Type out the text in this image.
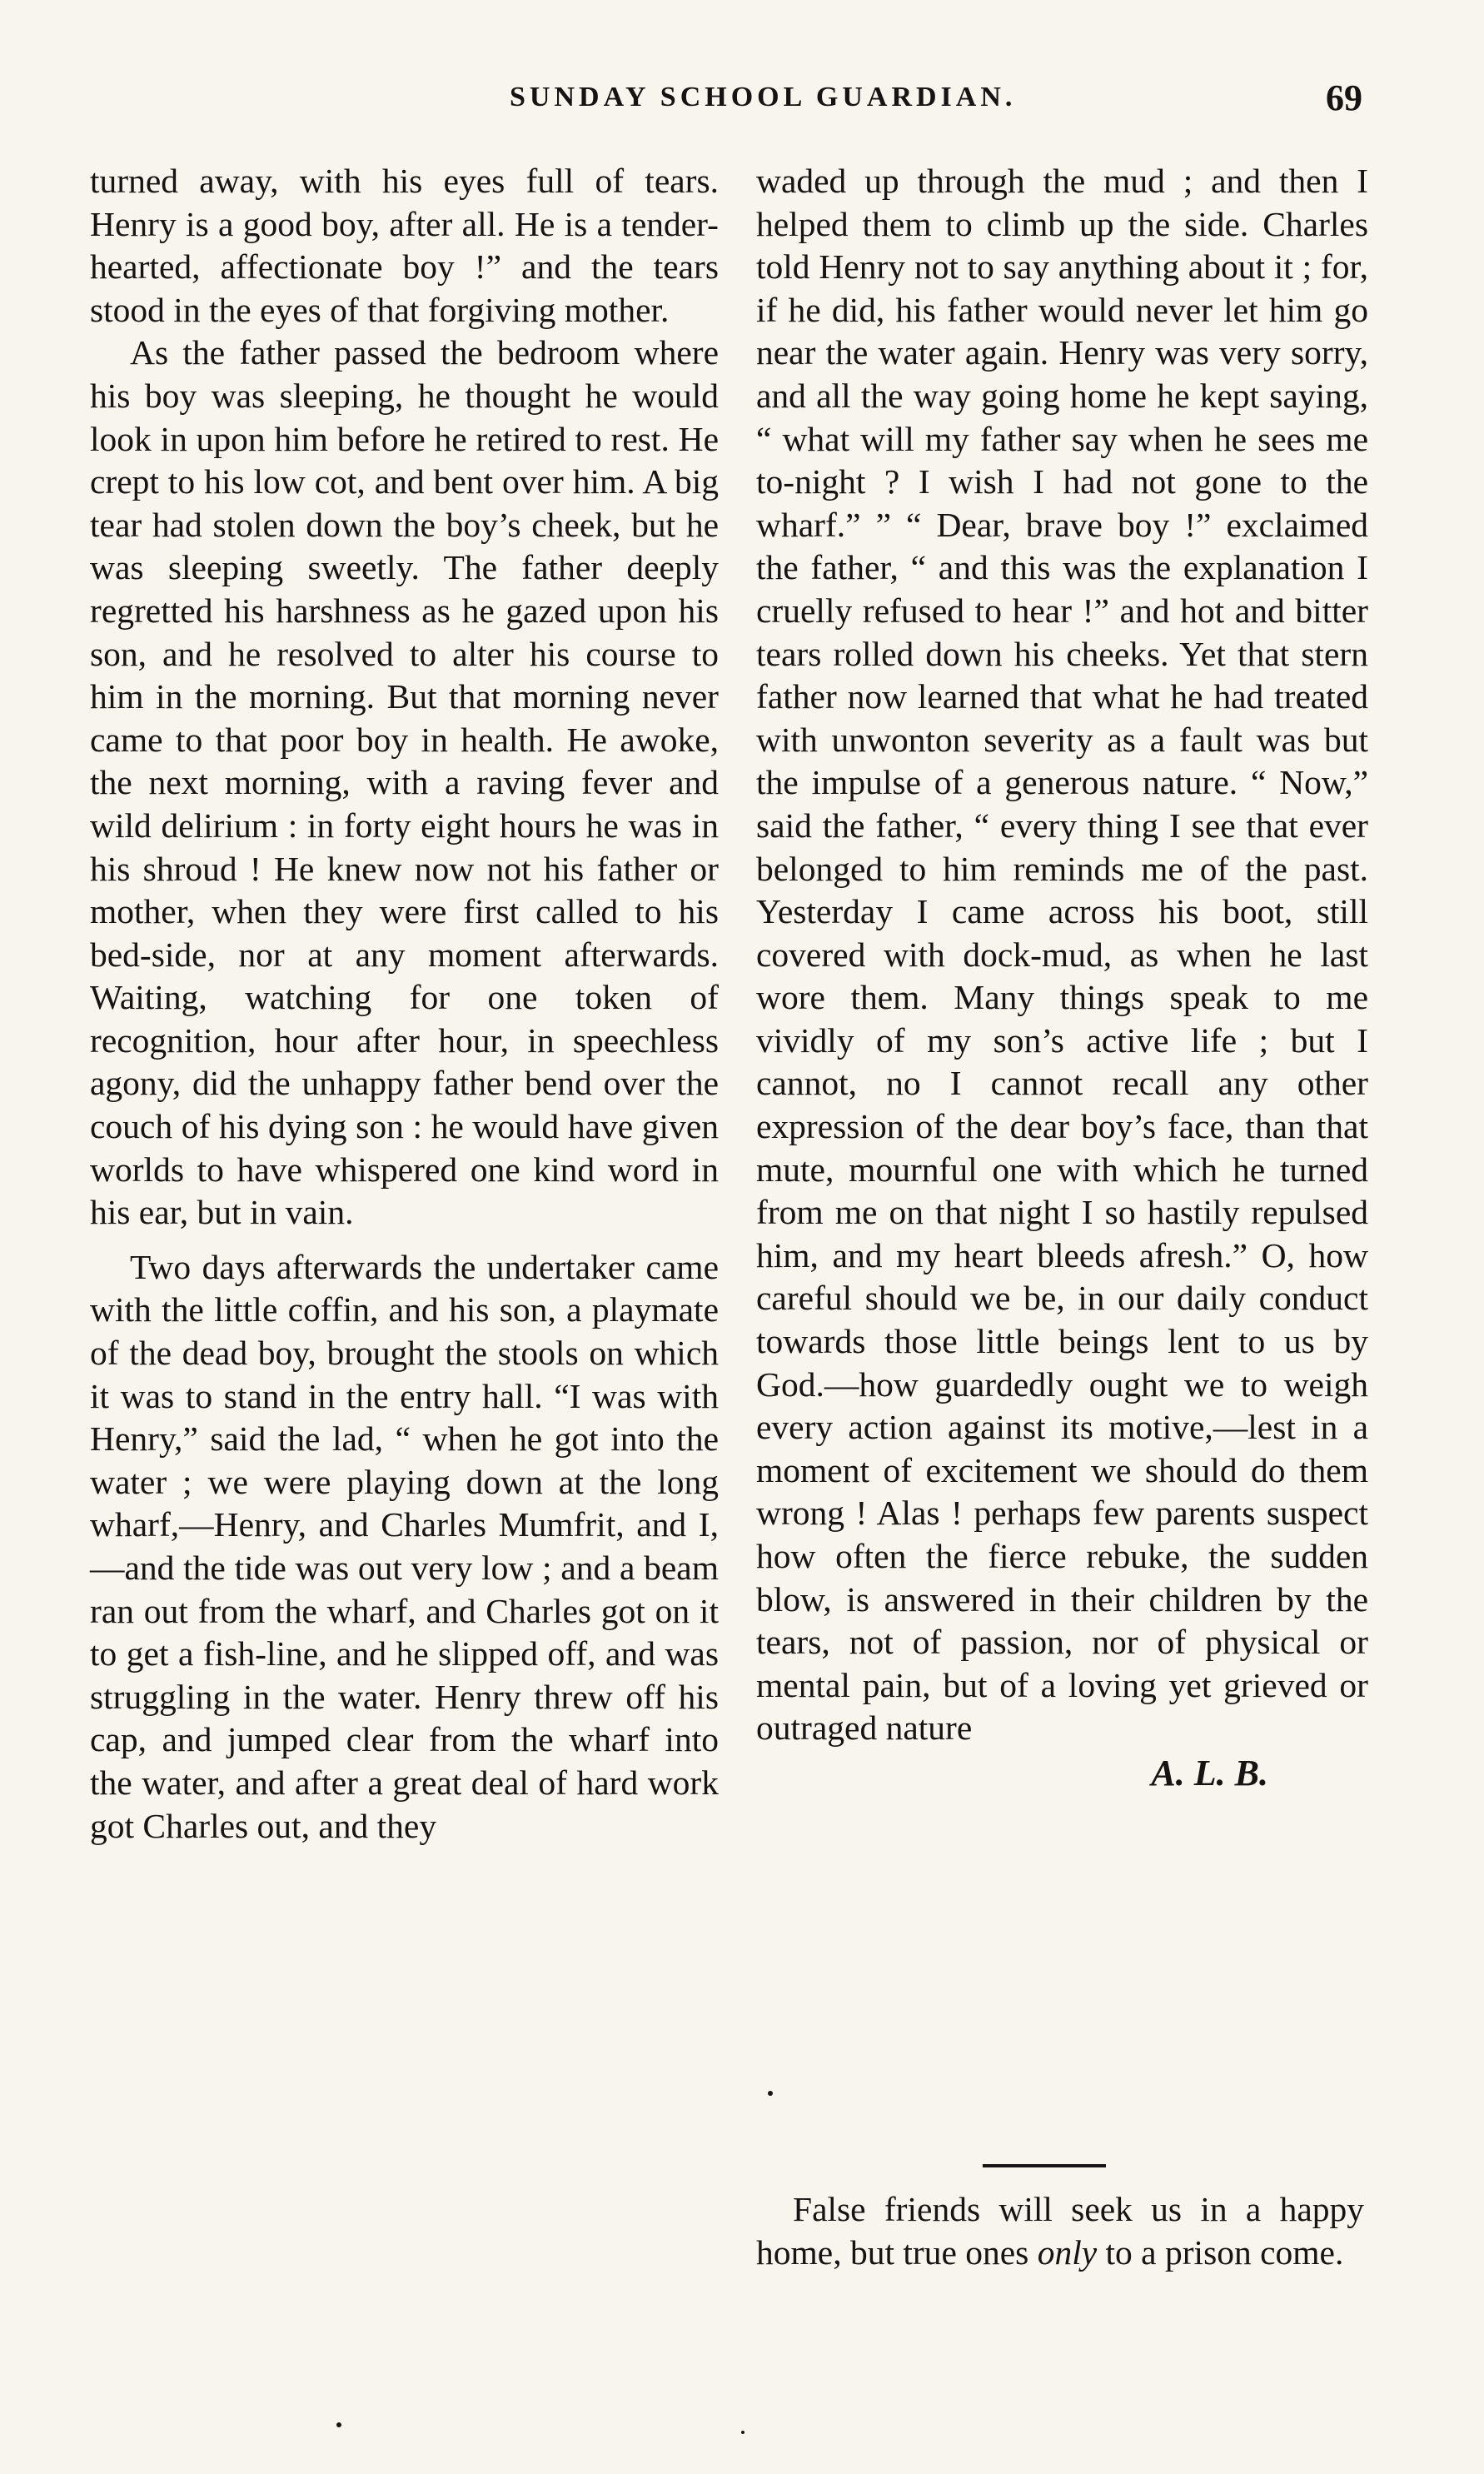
SUNDAY SCHOOL GUARDIAN.	69

turned away, with his eyes full of tears. Henry is a good boy, after all. He is a tender-hearted, affectionate boy !” and the tears stood in the eyes of that forgiving mother.

As the father passed the bedroom where his boy was sleeping, he thought he would look in upon him before he retired to rest. He crept to his low cot, and bent over him. A big tear had stolen down the boy’s cheek, but he was sleeping sweetly. The father deeply regretted his harshness as he gazed upon his son, and he resolved to alter his course to him in the morning. But that morning never came to that poor boy in health. He awoke, the next morning, with a raving fever and wild delirium : in forty eight hours he was in his shroud ! He knew now not his father or mother, when they were first called to his bed-side, nor at any moment afterwards. Waiting, watching for one token of recognition, hour after hour, in speechless agony, did the unhappy father bend over the couch of his dying son : he would have given worlds to have whispered one kind word in his ear, but in vain.

Two days afterwards the undertaker came with the little coffin, and his son, a playmate of the dead boy, brought the stools on which it was to stand in the entry hall. “I was with Henry,” said the lad, “ when he got into the water ; we were playing down at the long wharf,—Henry, and Charles Mumfrit, and I,—and the tide was out very low ; and a beam ran out from the wharf, and Charles got on it to get a fish-line, and he slipped off, and was struggling in the water. Henry threw off his cap, and jumped clear from the wharf into the water, and after a great deal of hard work got Charles out, and they

waded up through the mud ; and then I helped them to climb up the side. Charles told Henry not to say anything about it ; for, if he did, his father would never let him go near the water again. Henry was very sorry, and all the way going home he kept saying, “ what will my father say when he sees me to-night ? I wish I had not gone to the wharf.” ” “ Dear, brave boy !” exclaimed the father, “ and this was the explanation I cruelly refused to hear !” and hot and bitter tears rolled down his cheeks. Yet that stern father now learned that what he had treated with unwonton severity as a fault was but the impulse of a generous nature. “ Now,” said the father, “ every thing I see that ever belonged to him reminds me of the past. Yesterday I came across his boot, still covered with dock-mud, as when he last wore them. Many things speak to me vividly of my son’s active life ; but I cannot, no I cannot recall any other expression of the dear boy’s face, than that mute, mournful one with which he turned from me on that night I so hastily repulsed him, and my heart bleeds afresh.” O, how careful should we be, in our daily conduct towards those little beings lent to us by God.—how guardedly ought we to weigh every action against its motive,—lest in a moment of excitement we should do them wrong ! Alas ! perhaps few parents suspect how often the fierce rebuke, the sudden blow, is answered in their children by the tears, not of passion, nor of physical or mental pain, but of a loving yet grieved or outraged nature

A. L. B.

False friends will seek us in a happy home, but true ones only to a prison come.
